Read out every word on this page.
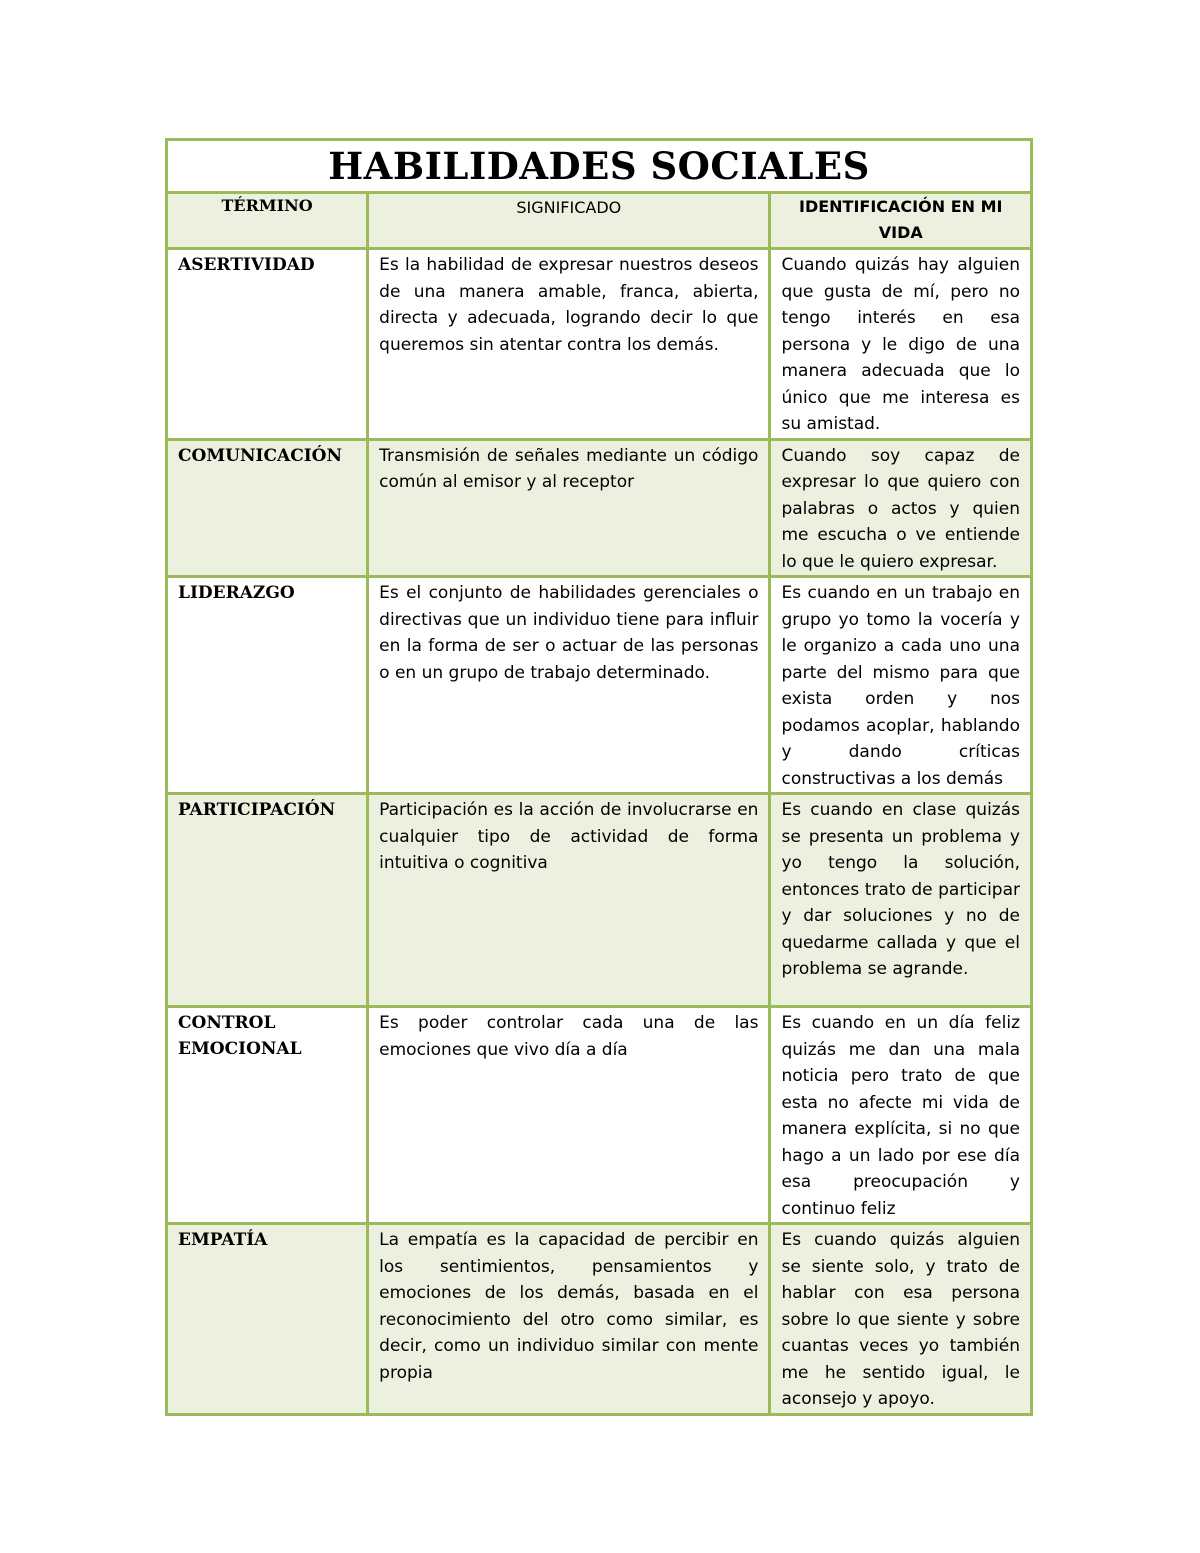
HABILIDADES SOCIALES		

TÉRMINO	SIGNIFICADO	IDENTIFICACIÓN EN MI VIDA

ASERTIVIDAD	Es la habilidad de expresar nuestros deseos de una manera amable, franca, abierta, directa y adecuada, logrando decir lo que queremos sin atentar contra los demás.	Cuando quizás hay alguien que gusta de mí, pero no tengo interés en esa persona y le digo de una manera adecuada que lo único que me interesa es su amistad.

COMUNICACIÓN	Transmisión de señales mediante un código común al emisor y al receptor	Cuando soy capaz de expresar lo que quiero con palabras o actos y quien me escucha o ve entiende lo que le quiero expresar.

LIDERAZGO	Es el conjunto de habilidades gerenciales o directivas que un individuo tiene para influir en la forma de ser o actuar de las personas o en un grupo de trabajo determinado.	Es cuando en un trabajo en grupo yo tomo la vocería y le organizo a cada uno una parte del mismo para que exista orden y nos podamos acoplar, hablando y dando críticas constructivas a los demás

PARTICIPACIÓN	Participación es la acción de involucrarse en cualquier tipo de actividad de forma intuitiva o cognitiva	Es cuando en clase quizás se presenta un problema y yo tengo la solución, entonces trato de participar y dar soluciones y no de quedarme callada y que el problema se agrande.

CONTROL EMOCIONAL	Es poder controlar cada una de las emociones que vivo día a día	Es cuando en un día feliz quizás me dan una mala noticia pero trato de que esta no afecte mi vida de manera explícita, si no que hago a un lado por ese día esa preocupación y continuo feliz

EMPATÍA	La empatía es la capacidad de percibir en los sentimientos, pensamientos y emociones de los demás, basada en el reconocimiento del otro como similar, es decir, como un individuo similar con mente propia	Es cuando quizás alguien se siente solo, y trato de hablar con esa persona sobre lo que siente y sobre cuantas veces yo también me he sentido igual, le aconsejo y apoyo.
